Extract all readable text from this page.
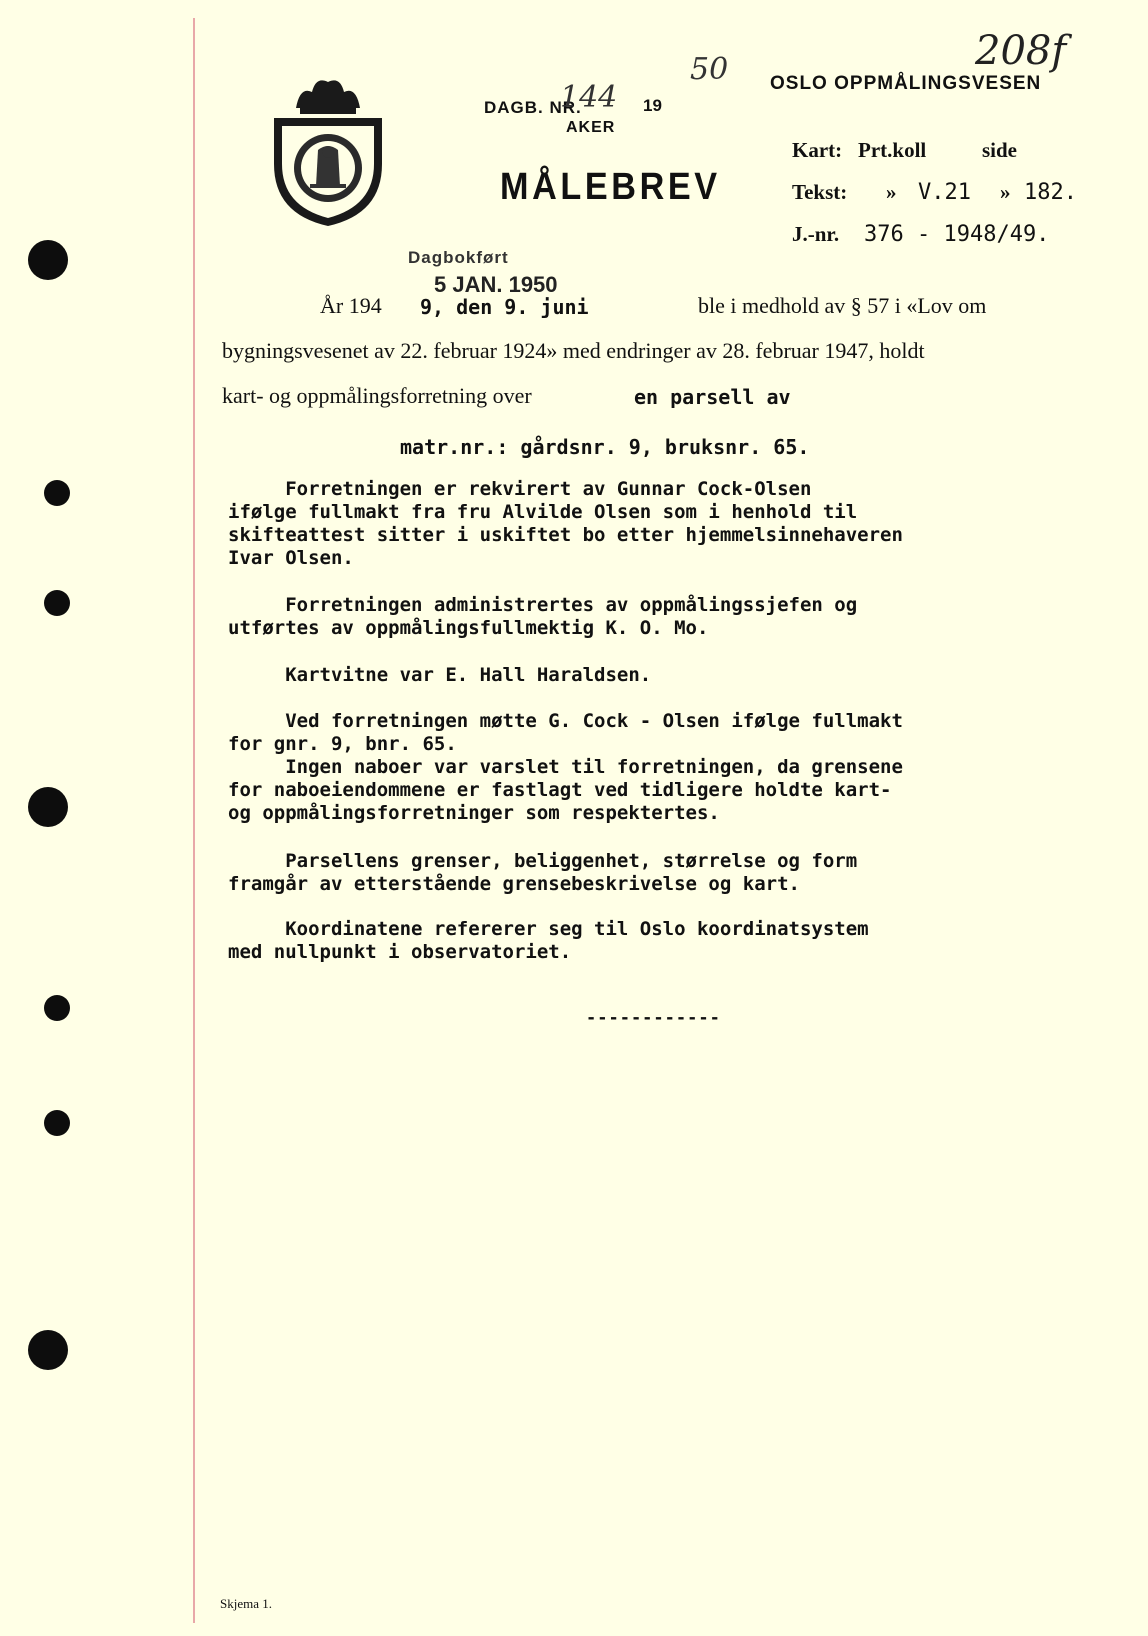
DAGB. NR.
144 19
50
AKER
MÅLEBREV
OSLO OPPMÅLINGSVESEN
208f
Kart: Prt.koll	side
Tekst: » V.21 » 182.
J.-nr. 376 - 1948/49.
Dagbokført
5 JAN. 1950
År 194 9, den 9. juni	ble i medhold av § 57 i «Lov om
bygningsvesenet av 22. februar 1924» med endringer av 28. februar 1947, holdt
kart- og oppmålingsforretning over	en parsell av
matr.nr.: gårdsnr. 9, bruksnr. 65.
Forretningen er rekvirert av Gunnar Cock-Olsen
ifølge fullmakt fra fru Alvilde Olsen som i henhold til
skifteattest sitter i uskiftet bo etter hjemmelsinnehaveren
Ivar Olsen.
Forretningen administrertes av oppmålingssjefen og
utførtes av oppmålingsfullmektig K. O. Mo.
Kartvitne var E. Hall Haraldsen.
Ved forretningen møtte G. Cock - Olsen ifølge fullmakt
for gnr. 9, bnr. 65.
Ingen naboer var varslet til forretningen, da grensene
for naboeiendommene er fastlagt ved tidligere holdte kart-
og oppmålingsforretninger som respektertes.
Parsellens grenser, beliggenhet, størrelse og form
framgår av etterstående grensebeskrivelse og kart.
Koordinatene refererer seg til Oslo koordinatsystem
med nullpunkt i observatoriet.
------------
Skjema 1.
